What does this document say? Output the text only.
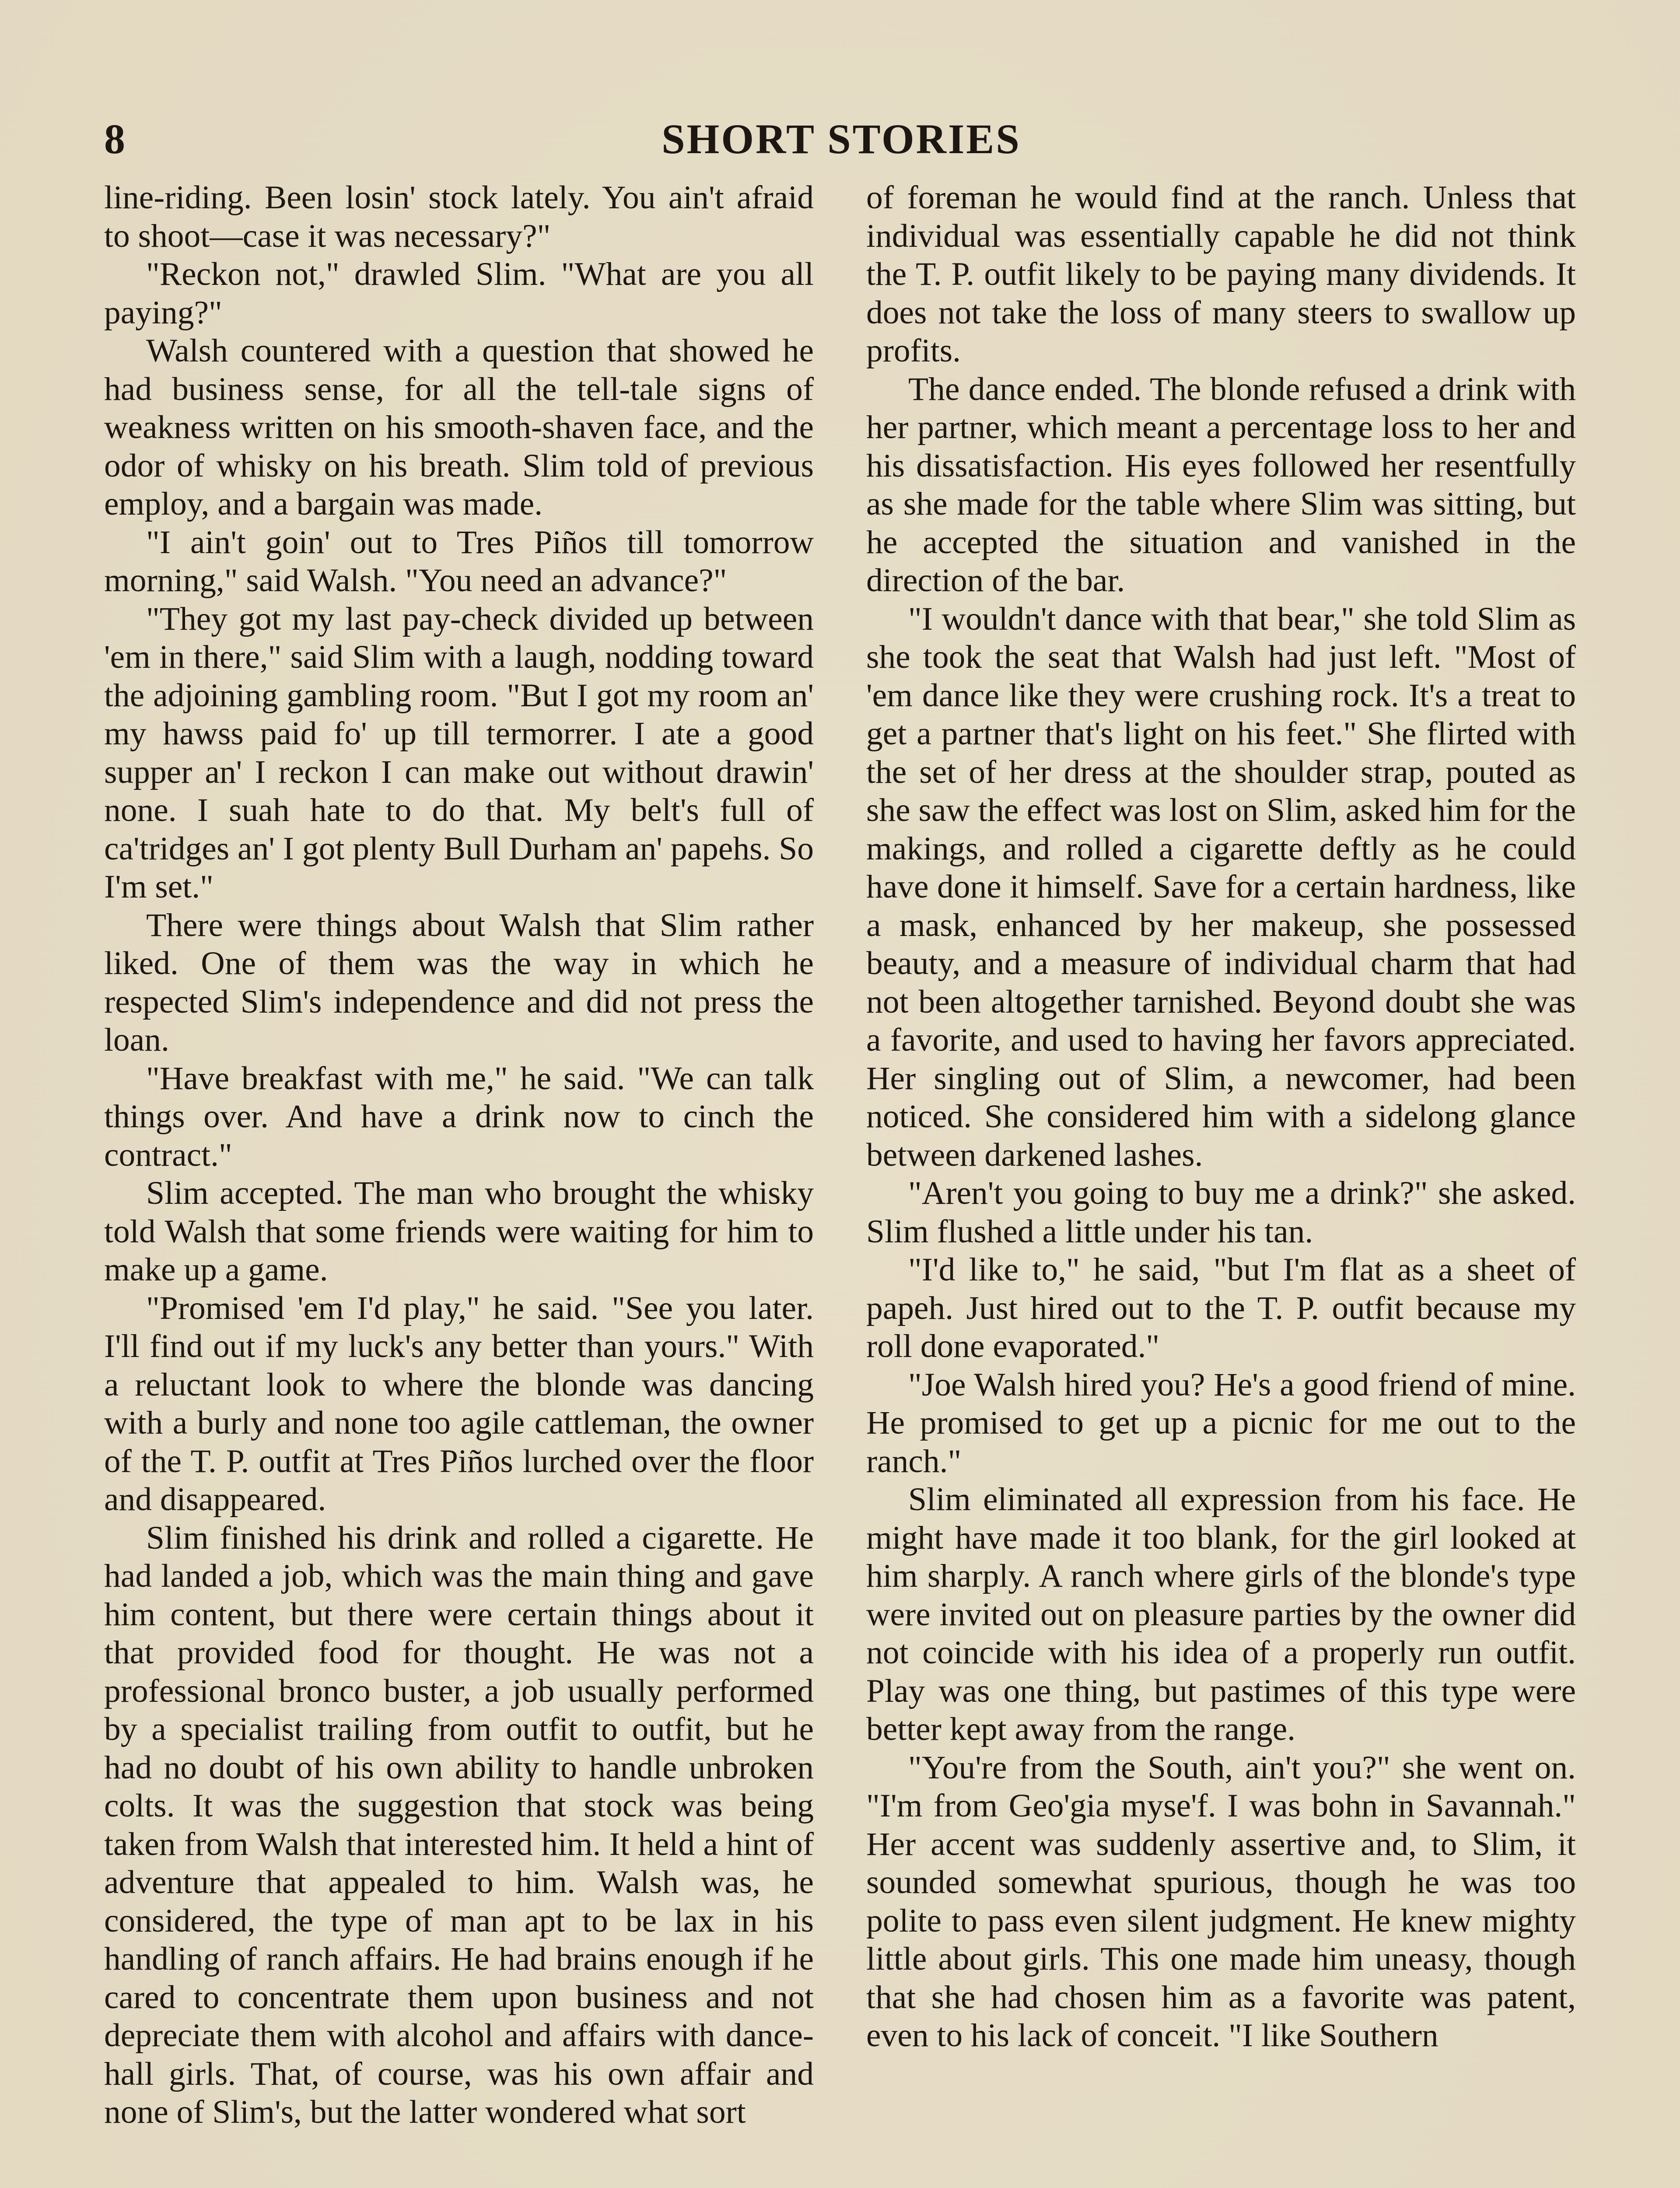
8	SHORT STORIES

line-riding. Been losin' stock lately. You ain't afraid to shoot—case it was necessary?"

"Reckon not," drawled Slim. "What are you all paying?"

Walsh countered with a question that showed he had business sense, for all the tell-tale signs of weakness written on his smooth-shaven face, and the odor of whisky on his breath. Slim told of previous employ, and a bargain was made.

"I ain't goin' out to Tres Piños till tomorrow morning," said Walsh. "You need an advance?"

"They got my last pay-check divided up between 'em in there," said Slim with a laugh, nodding toward the adjoining gambling room. "But I got my room an' my hawss paid fo' up till termorrer. I ate a good supper an' I reckon I can make out without drawin' none. I suah hate to do that. My belt's full of ca'tridges an' I got plenty Bull Durham an' papehs. So I'm set."

There were things about Walsh that Slim rather liked. One of them was the way in which he respected Slim's independence and did not press the loan.

"Have breakfast with me," he said. "We can talk things over. And have a drink now to cinch the contract."

Slim accepted. The man who brought the whisky told Walsh that some friends were waiting for him to make up a game.

"Promised 'em I'd play," he said. "See you later. I'll find out if my luck's any better than yours." With a reluctant look to where the blonde was dancing with a burly and none too agile cattleman, the owner of the T. P. outfit at Tres Piños lurched over the floor and disappeared.

Slim finished his drink and rolled a cigarette. He had landed a job, which was the main thing and gave him content, but there were certain things about it that provided food for thought. He was not a professional bronco buster, a job usually performed by a specialist trailing from outfit to outfit, but he had no doubt of his own ability to handle unbroken colts. It was the suggestion that stock was being taken from Walsh that interested him. It held a hint of adventure that appealed to him. Walsh was, he considered, the type of man apt to be lax in his handling of ranch affairs. He had brains enough if he cared to concentrate them upon business and not depreciate them with alcohol and affairs with dance-hall girls. That, of course, was his own affair and none of Slim's, but the latter wondered what sort

of foreman he would find at the ranch. Unless that individual was essentially capable he did not think the T. P. outfit likely to be paying many dividends. It does not take the loss of many steers to swallow up profits.

The dance ended. The blonde refused a drink with her partner, which meant a percentage loss to her and his dissatisfaction. His eyes followed her resentfully as she made for the table where Slim was sitting, but he accepted the situation and vanished in the direction of the bar.

"I wouldn't dance with that bear," she told Slim as she took the seat that Walsh had just left. "Most of 'em dance like they were crushing rock. It's a treat to get a partner that's light on his feet." She flirted with the set of her dress at the shoulder strap, pouted as she saw the effect was lost on Slim, asked him for the makings, and rolled a cigarette deftly as he could have done it himself. Save for a certain hardness, like a mask, enhanced by her makeup, she possessed beauty, and a measure of individual charm that had not been altogether tarnished. Beyond doubt she was a favorite, and used to having her favors appreciated. Her singling out of Slim, a newcomer, had been noticed. She considered him with a sidelong glance between darkened lashes.

"Aren't you going to buy me a drink?" she asked. Slim flushed a little under his tan.

"I'd like to," he said, "but I'm flat as a sheet of papeh. Just hired out to the T. P. outfit because my roll done evaporated."

"Joe Walsh hired you? He's a good friend of mine. He promised to get up a picnic for me out to the ranch."

Slim eliminated all expression from his face. He might have made it too blank, for the girl looked at him sharply. A ranch where girls of the blonde's type were invited out on pleasure parties by the owner did not coincide with his idea of a properly run outfit. Play was one thing, but pastimes of this type were better kept away from the range.

"You're from the South, ain't you?" she went on. "I'm from Geo'gia myse'f. I was bohn in Savannah." Her accent was suddenly assertive and, to Slim, it sounded somewhat spurious, though he was too polite to pass even silent judgment. He knew mighty little about girls. This one made him uneasy, though that she had chosen him as a favorite was patent, even to his lack of conceit. "I like Southern
